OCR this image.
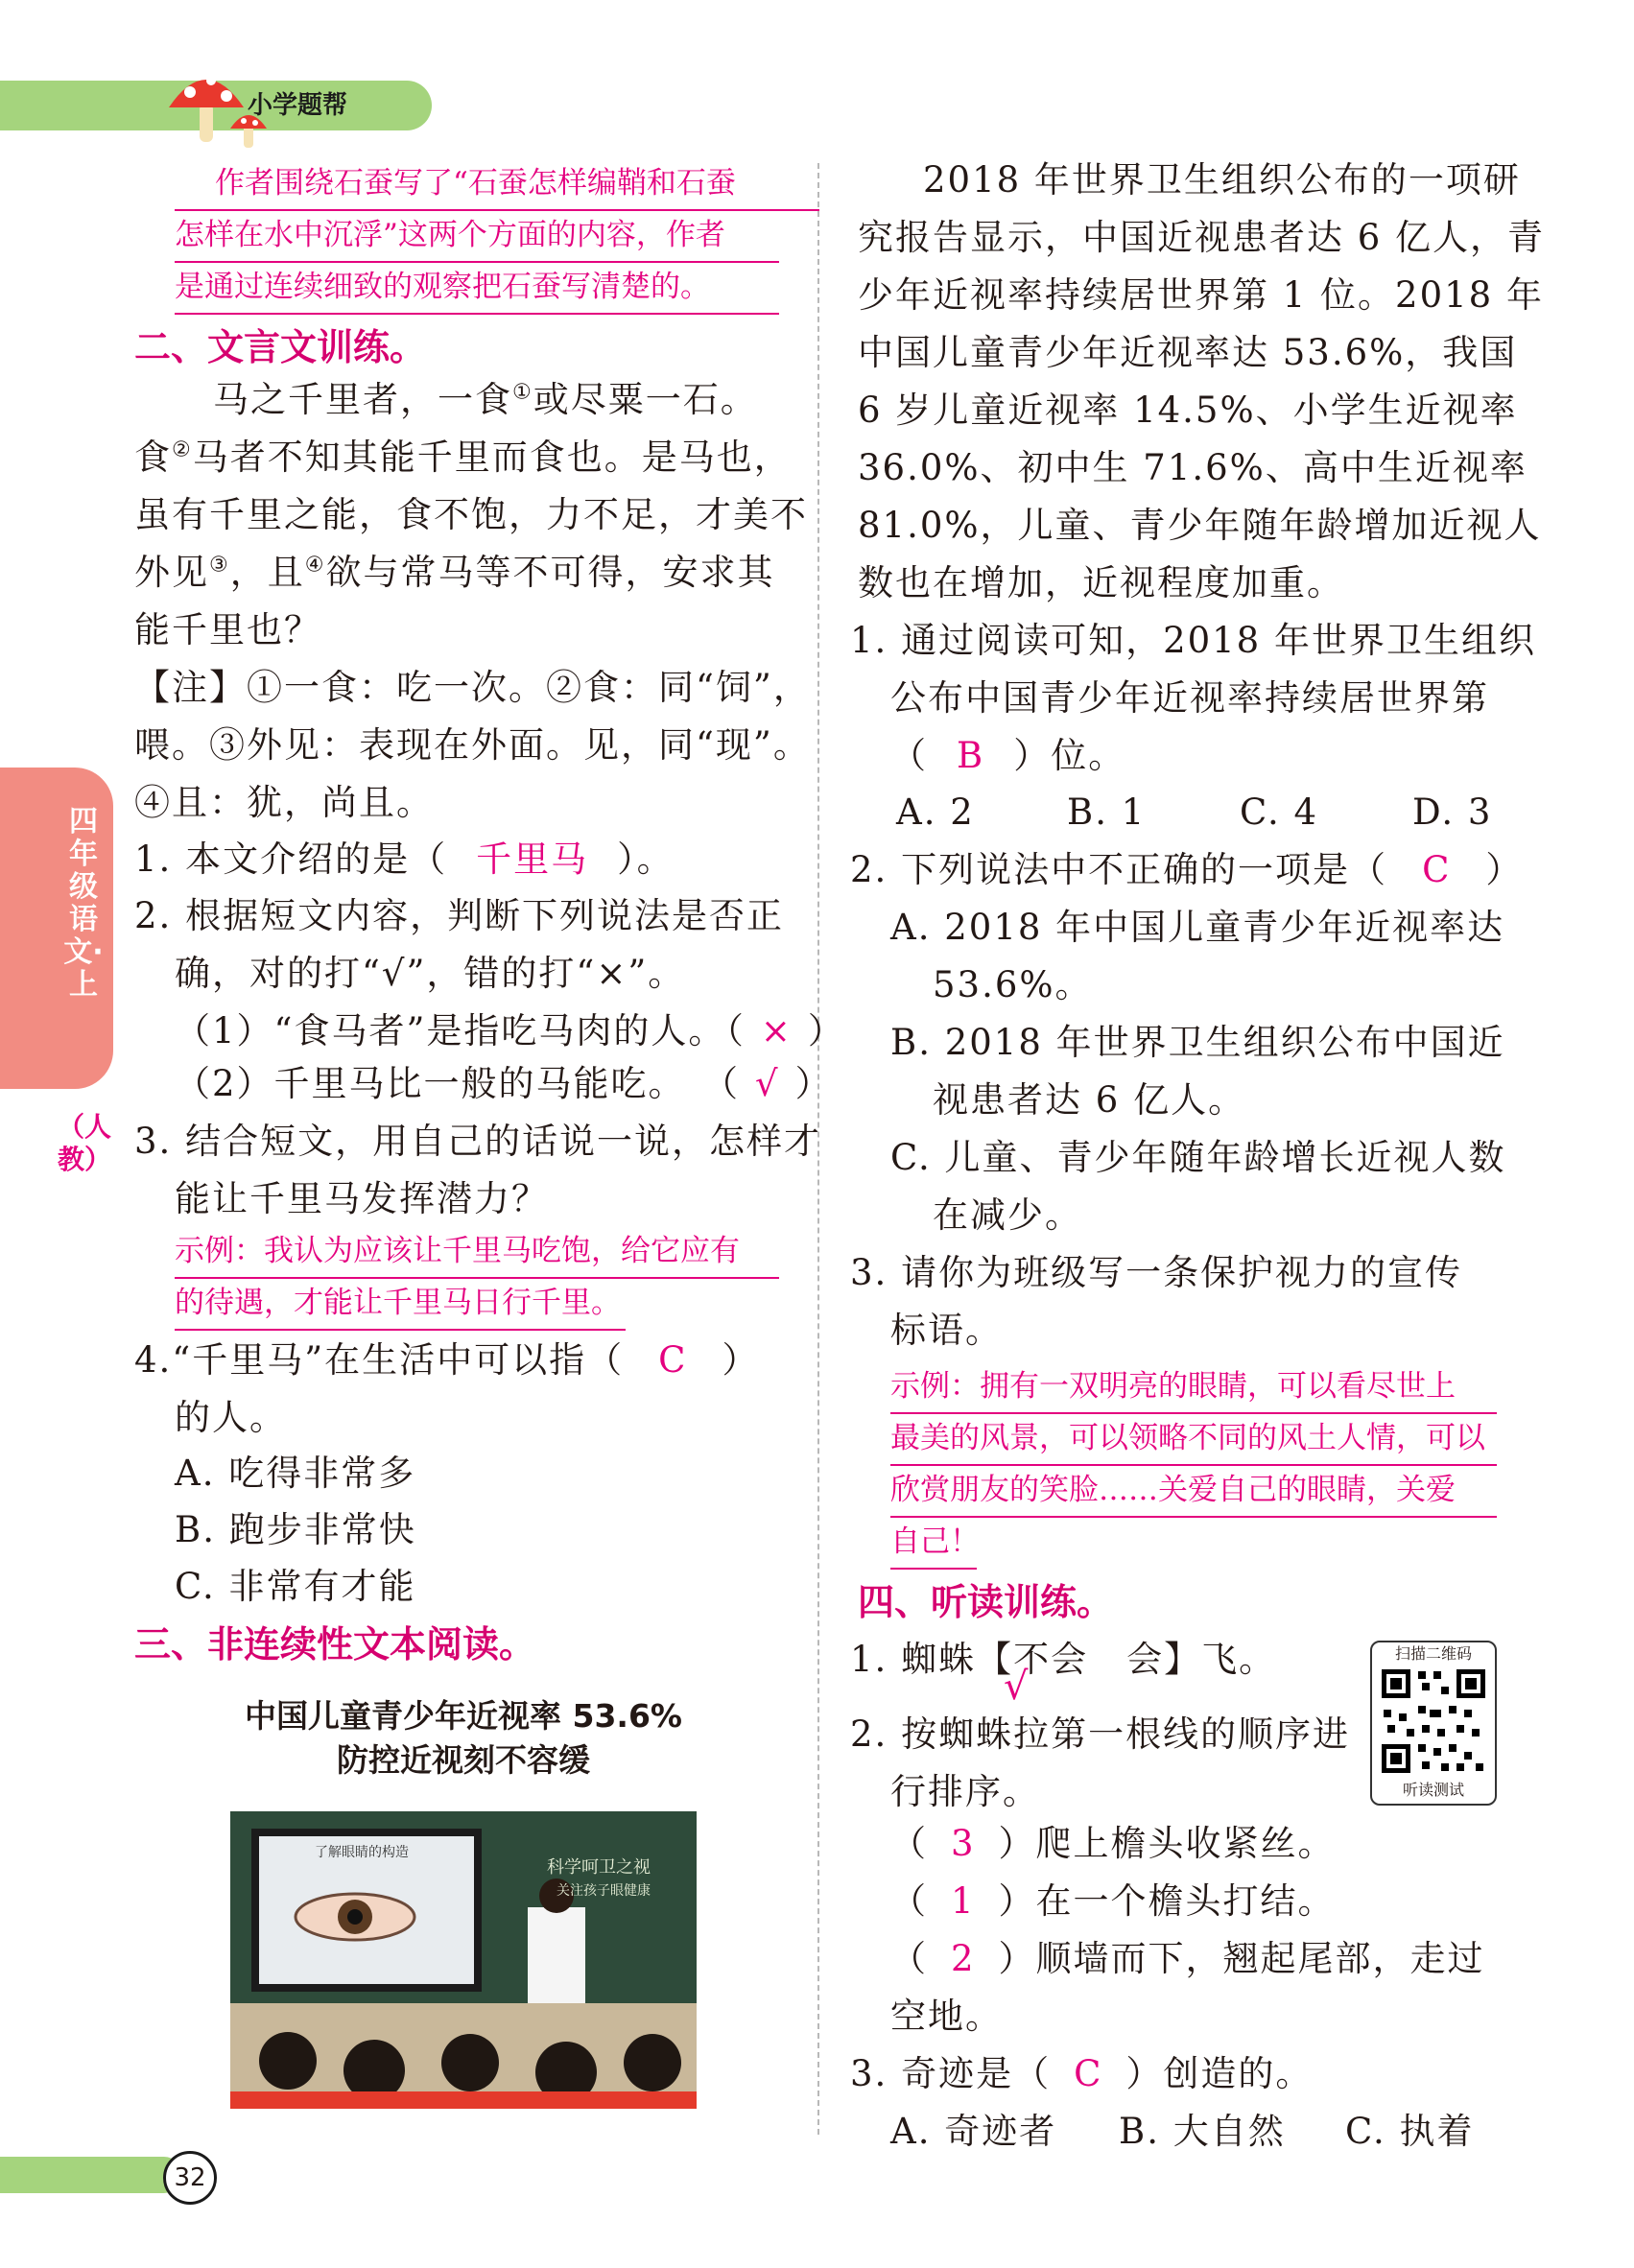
小学题帮
四年级语文·上
（人教）
作者围绕石蚕写了“石蚕怎样编鞘和石蚕
怎样在水中沉浮”这两个方面的内容，作者
是通过连续细致的观察把石蚕写清楚的。
二、文言文训练。
马之千里者，一食①或尽粟一石。
食②马者不知其能千里而食也。是马也，
虽有千里之能，食不饱，力不足，才美不
外见③，且④欲与常马等不可得，安求其
能千里也？
【注】①一食：吃一次。②食：同“饲”，
喂。③外见：表现在外面。见，同“现”。
④且：犹，尚且。
1. 本文介绍的是（ 千里马 ）。
2. 根据短文内容，判断下列说法是否正
确，对的打“√”，错的打“×”。
（1）“食马者”是指吃马肉的人。（ × ）
（2）千里马比一般的马能吃。 （ √ ）
3. 结合短文，用自己的话说一说，怎样才
能让千里马发挥潜力？
示例：我认为应该让千里马吃饱，给它应有
的待遇，才能让千里马日行千里。
4.“千里马”在生活中可以指（ C ）
的人。
A. 吃得非常多
B. 跑步非常快
C. 非常有才能
三、非连续性文本阅读。
中国儿童青少年近视率 53.6%
防控近视刻不容缓
了解眼睛的构造
科学呵卫之视
关注孩子眼健康
2018 年世界卫生组织公布的一项研
究报告显示，中国近视患者达 6 亿人，青
少年近视率持续居世界第 1 位。2018 年
中国儿童青少年近视率达 53.6%，我国
6 岁儿童近视率 14.5%、小学生近视率
36.0%、初中生 71.6%、高中生近视率
81.0%，儿童、青少年随年龄增加近视人
数也在增加，近视程度加重。
1. 通过阅读可知，2018 年世界卫生组织
公布中国青少年近视率持续居世界第
（ B ）位。
A. 2	B. 1	C. 4	D. 3
2. 下列说法中不正确的一项是（ C ）
A. 2018 年中国儿童青少年近视率达
53.6%。
B. 2018 年世界卫生组织公布中国近
视患者达 6 亿人。
C. 儿童、青少年随年龄增长近视人数
在减少。
3. 请你为班级写一条保护视力的宣传
标语。
示例：拥有一双明亮的眼睛，可以看尽世上
最美的风景，可以领略不同的风土人情，可以
欣赏朋友的笑脸……关爱自己的眼睛，关爱
自己！
四、听读训练。
1. 蜘蛛【不会 会】飞。
√
2. 按蜘蛛拉第一根线的顺序进
行排序。
（ 3 ）爬上檐头收紧丝。
（ 1 ）在一个檐头打结。
（ 2 ）顺墙而下，翘起尾部，走过
空地。
3. 奇迹是（ C ）创造的。
A. 奇迹者 B. 大自然 C. 执着
扫描二维码
听读测试
32
